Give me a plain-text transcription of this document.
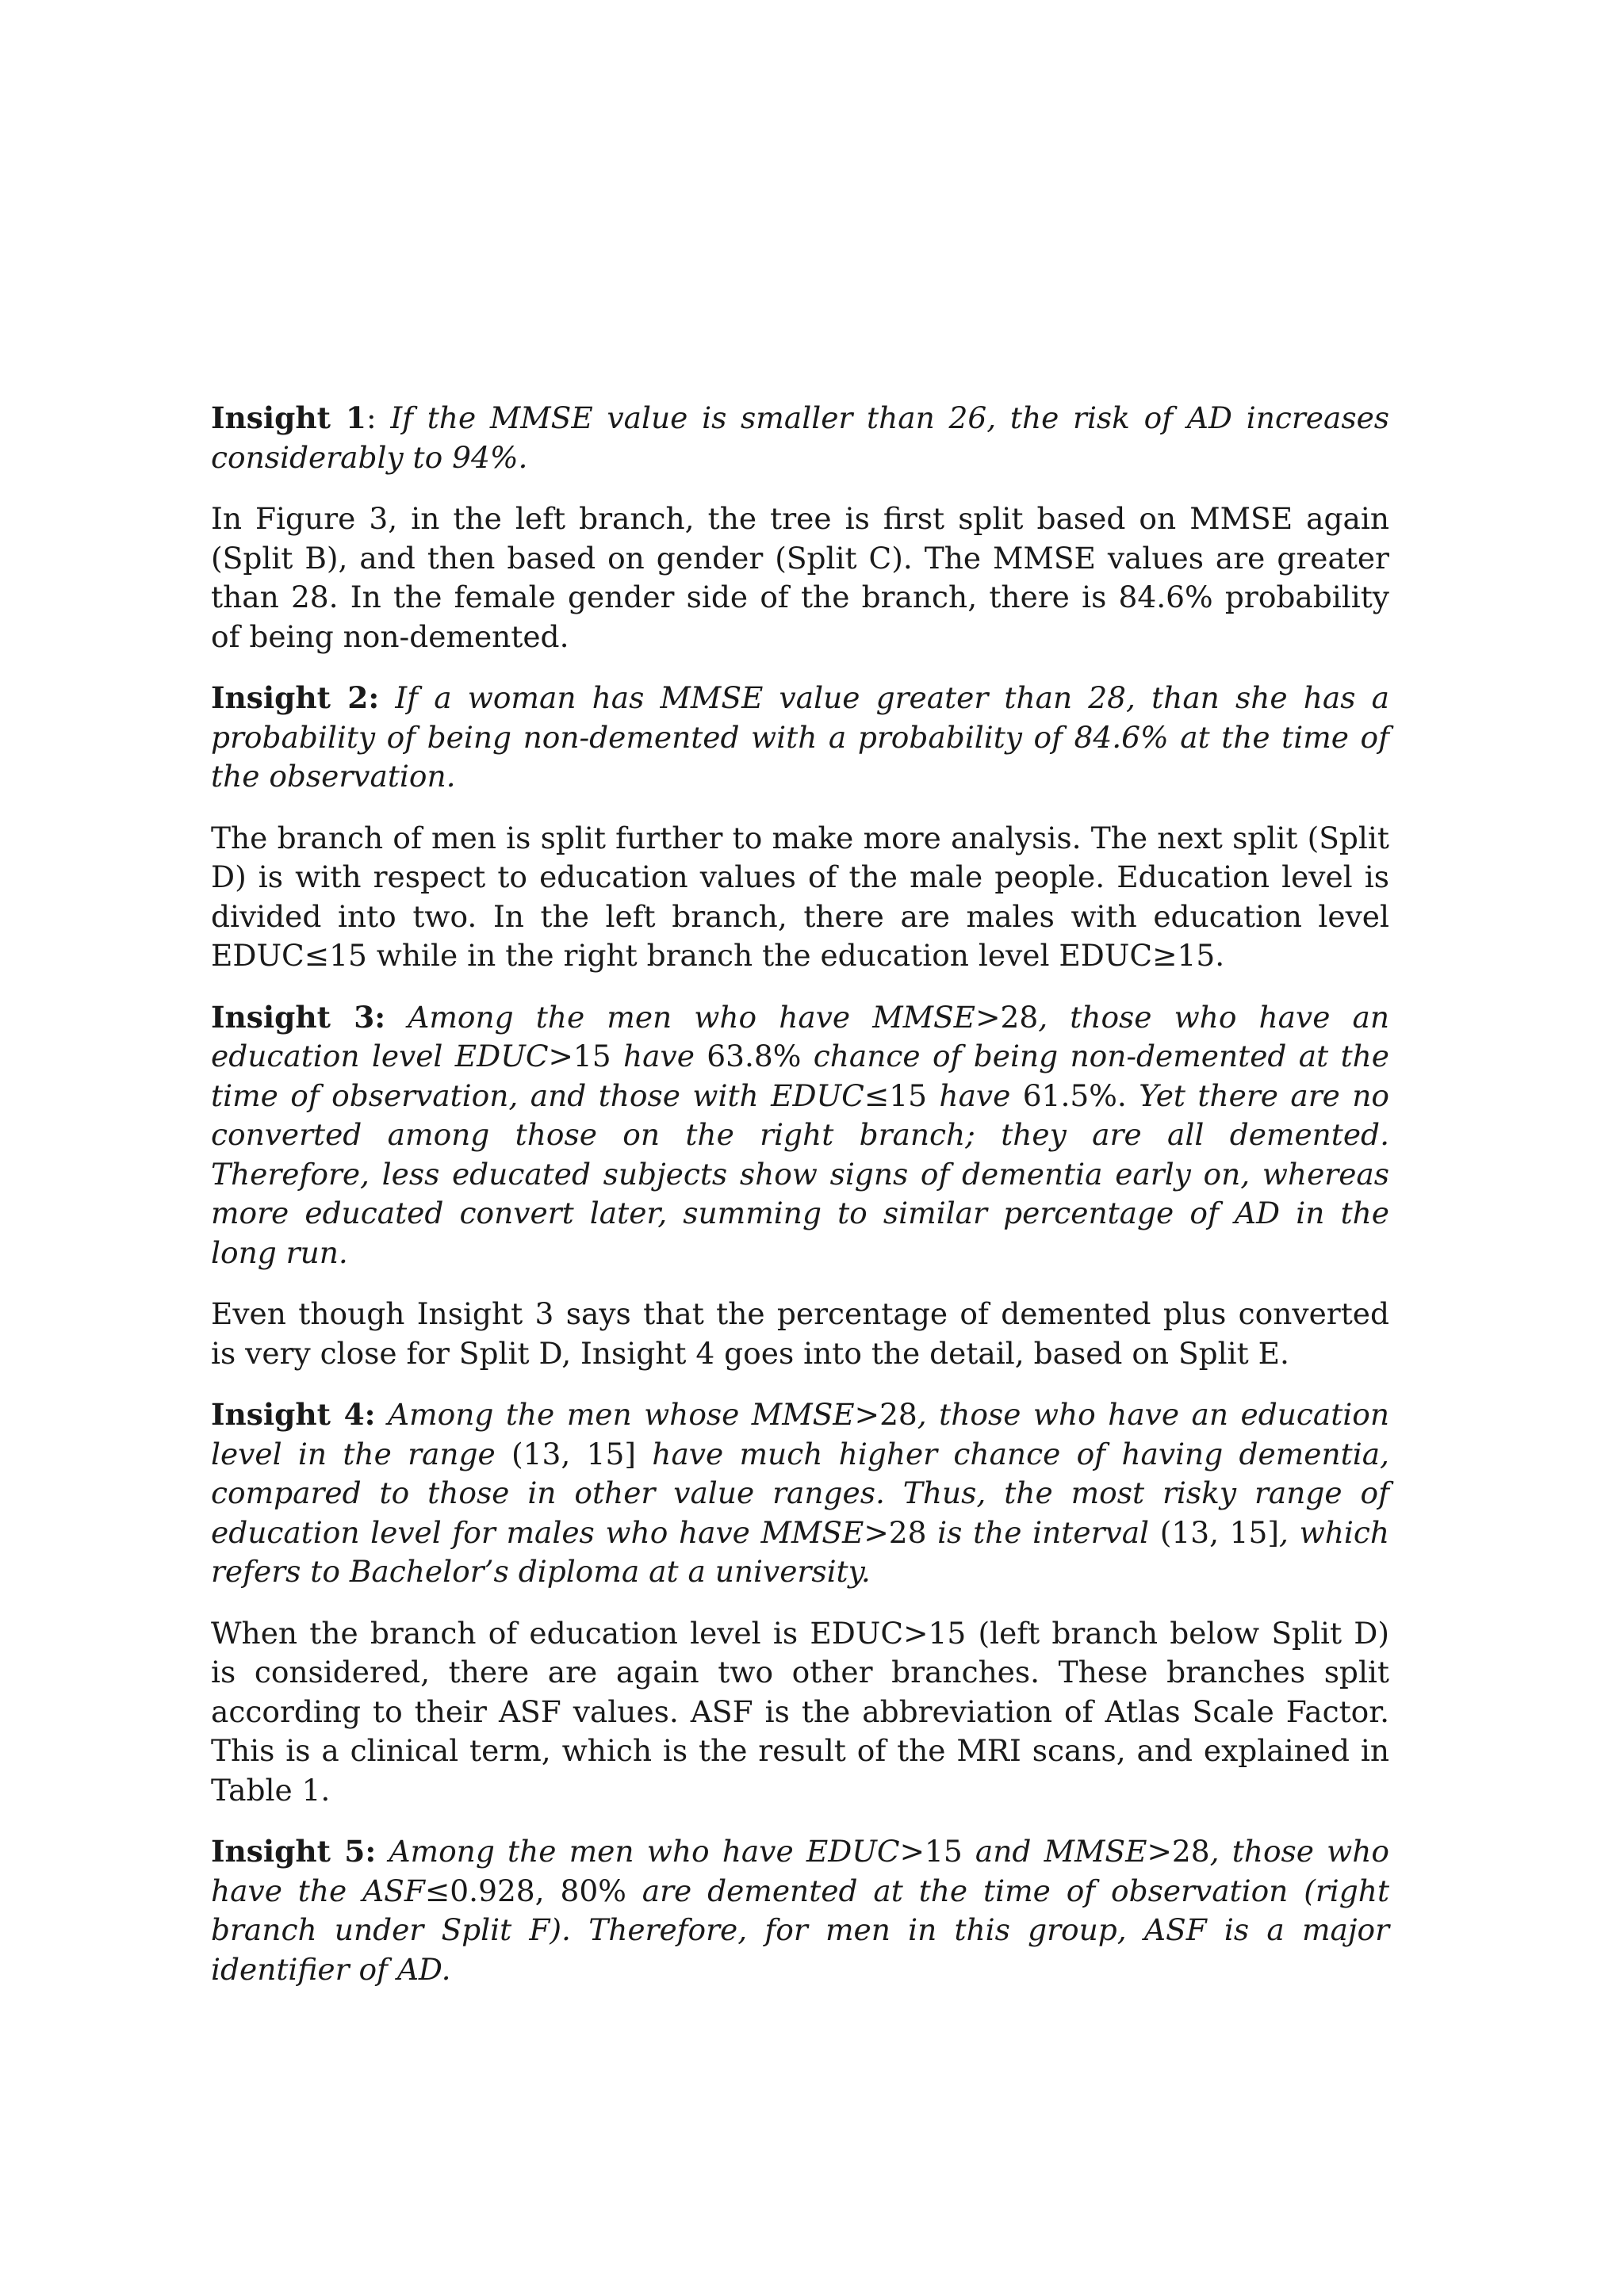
Insight 1: If the MMSE value is smaller than 26, the risk of AD increases considerably to 94%.

In Figure 3, in the left branch, the tree is first split based on MMSE again (Split B), and then based on gender (Split C). The MMSE values are greater than 28. In the female gender side of the branch, there is 84.6% probability of being non-demented.

Insight 2: If a woman has MMSE value greater than 28, than she has a probability of being non-demented with a probability of 84.6% at the time of the observation.

The branch of men is split further to make more analysis. The next split (Split D) is with respect to education values of the male people. Education level is divided into two. In the left branch, there are males with education level EDUC≤15 while in the right branch the education level EDUC≥15.

Insight 3: Among the men who have MMSE>28, those who have an education level EDUC>15 have 63.8% chance of being non-demented at the time of observation, and those with EDUC≤15 have 61.5%. Yet there are no converted among those on the right branch; they are all demented. Therefore, less educated subjects show signs of dementia early on, whereas more educated convert later, summing to similar percentage of AD in the long run.

Even though Insight 3 says that the percentage of demented plus converted is very close for Split D, Insight 4 goes into the detail, based on Split E.

Insight 4: Among the men whose MMSE>28, those who have an education level in the range (13, 15] have much higher chance of having dementia, compared to those in other value ranges. Thus, the most risky range of education level for males who have MMSE>28 is the interval (13, 15], which refers to Bachelor’s diploma at a university.

When the branch of education level is EDUC>15 (left branch below Split D) is considered, there are again two other branches. These branches split according to their ASF values. ASF is the abbreviation of Atlas Scale Factor. This is a clinical term, which is the result of the MRI scans, and explained in Table 1.

Insight 5: Among the men who have EDUC>15 and MMSE>28, those who have the ASF≤0.928, 80% are demented at the time of observation (right branch under Split F). Therefore, for men in this group, ASF is a major identifier of AD.
